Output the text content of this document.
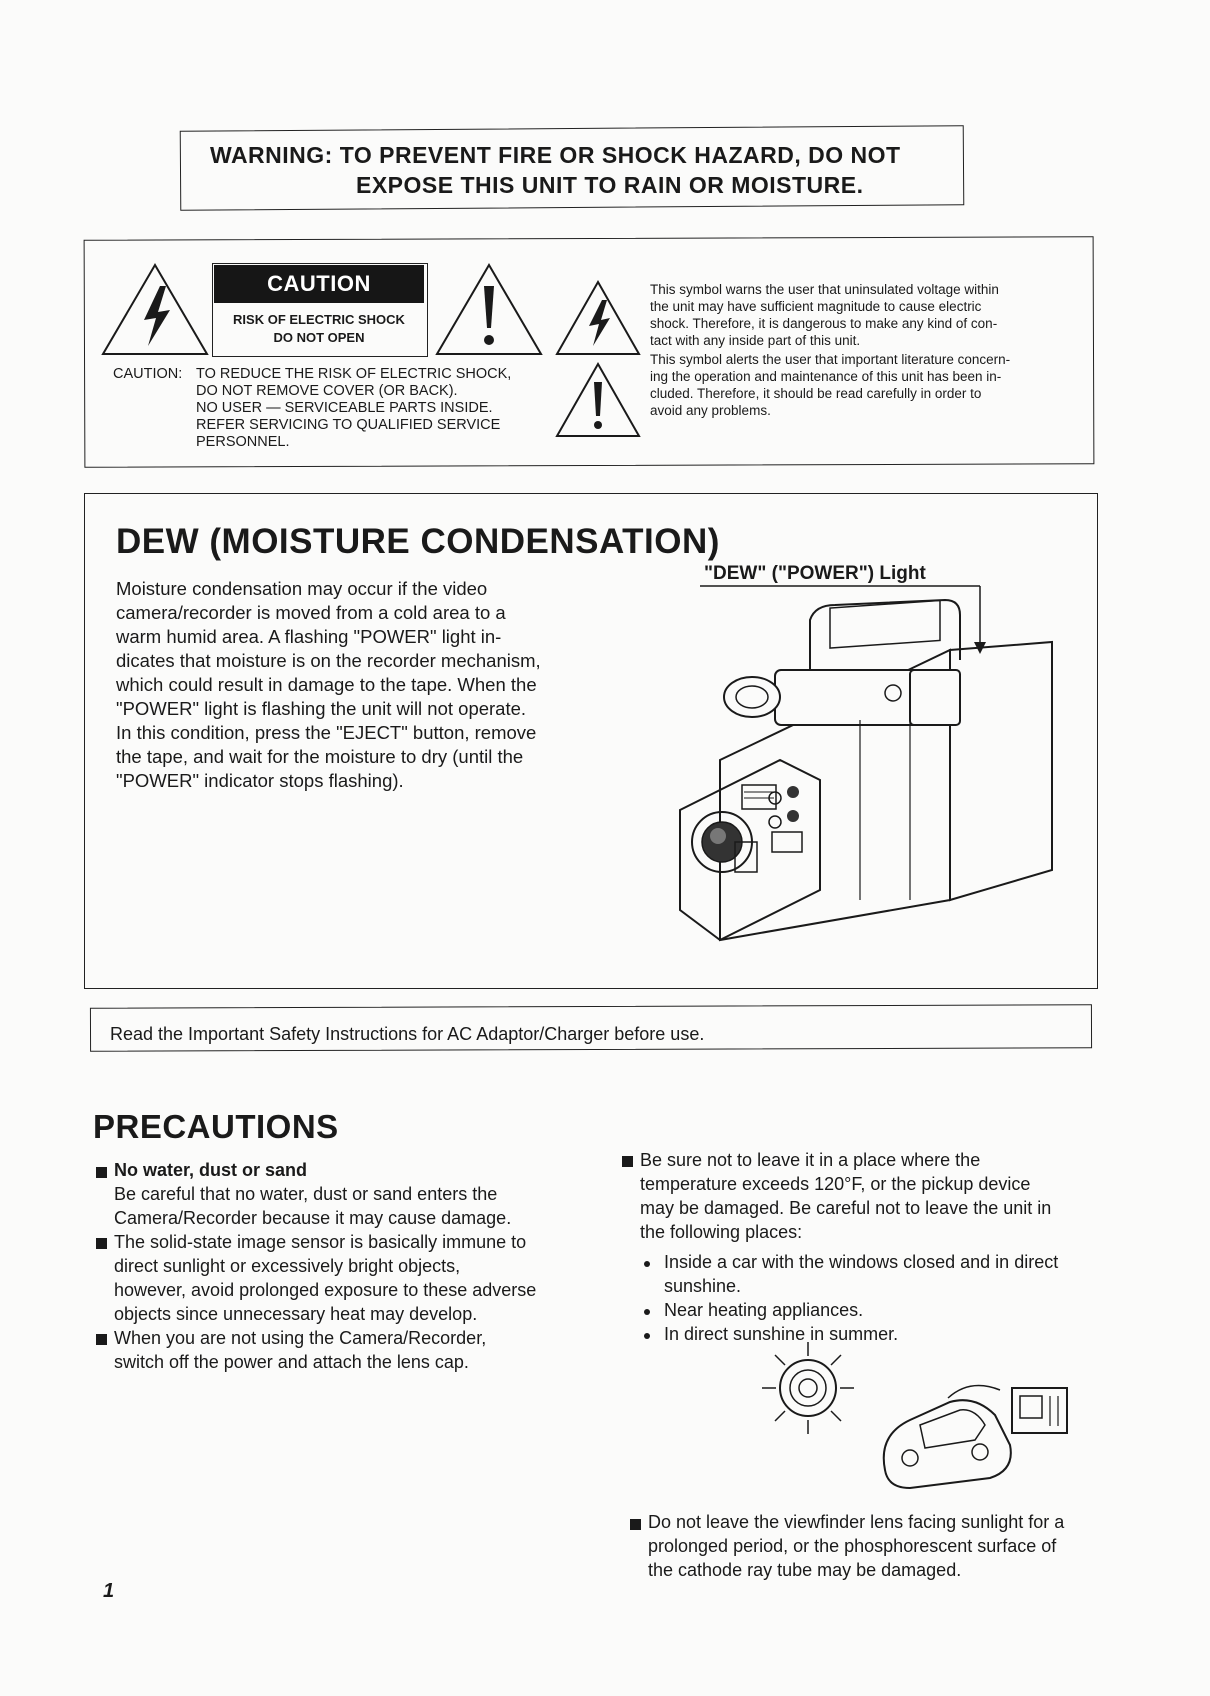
WARNING: TO PREVENT FIRE OR SHOCK HAZARD, DO NOT
EXPOSE THIS UNIT TO RAIN OR MOISTURE.
CAUTION
RISK OF ELECTRIC SHOCK
DO NOT OPEN
CAUTION: TO REDUCE THE RISK OF ELECTRIC SHOCK,
DO NOT REMOVE COVER (OR BACK).
NO USER — SERVICEABLE PARTS INSIDE.
REFER SERVICING TO QUALIFIED SERVICE
PERSONNEL.
This symbol warns the user that uninsulated voltage within
the unit may have sufficient magnitude to cause electric
shock. Therefore, it is dangerous to make any kind of con-
tact with any inside part of this unit.
This symbol alerts the user that important literature concern-
ing the operation and maintenance of this unit has been in-
cluded. Therefore, it should be read carefully in order to
avoid any problems.
DEW (MOISTURE CONDENSATION)
"DEW" ("POWER") Light
Moisture condensation may occur if the video
camera/recorder is moved from a cold area to a
warm humid area. A flashing "POWER" light in-
dicates that moisture is on the recorder mechanism,
which could result in damage to the tape. When the
"POWER" light is flashing the unit will not operate.
In this condition, press the "EJECT" button, remove
the tape, and wait for the moisture to dry (until the
"POWER" indicator stops flashing).
Read the Important Safety Instructions for AC Adaptor/Charger before use.
PRECAUTIONS
No water, dust or sand
Be careful that no water, dust or sand enters the
Camera/Recorder because it may cause damage.
The solid-state image sensor is basically immune to
direct sunlight or excessively bright objects,
however, avoid prolonged exposure to these adverse
objects since unnecessary heat may develop.
When you are not using the Camera/Recorder,
switch off the power and attach the lens cap.
Be sure not to leave it in a place where the
temperature exceeds 120°F, or the pickup device
may be damaged. Be careful not to leave the unit in
the following places:
Inside a car with the windows closed and in direct
sunshine.
Near heating appliances.
In direct sunshine in summer.
Do not leave the viewfinder lens facing sunlight for a
prolonged period, or the phosphorescent surface of
the cathode ray tube may be damaged.
1
